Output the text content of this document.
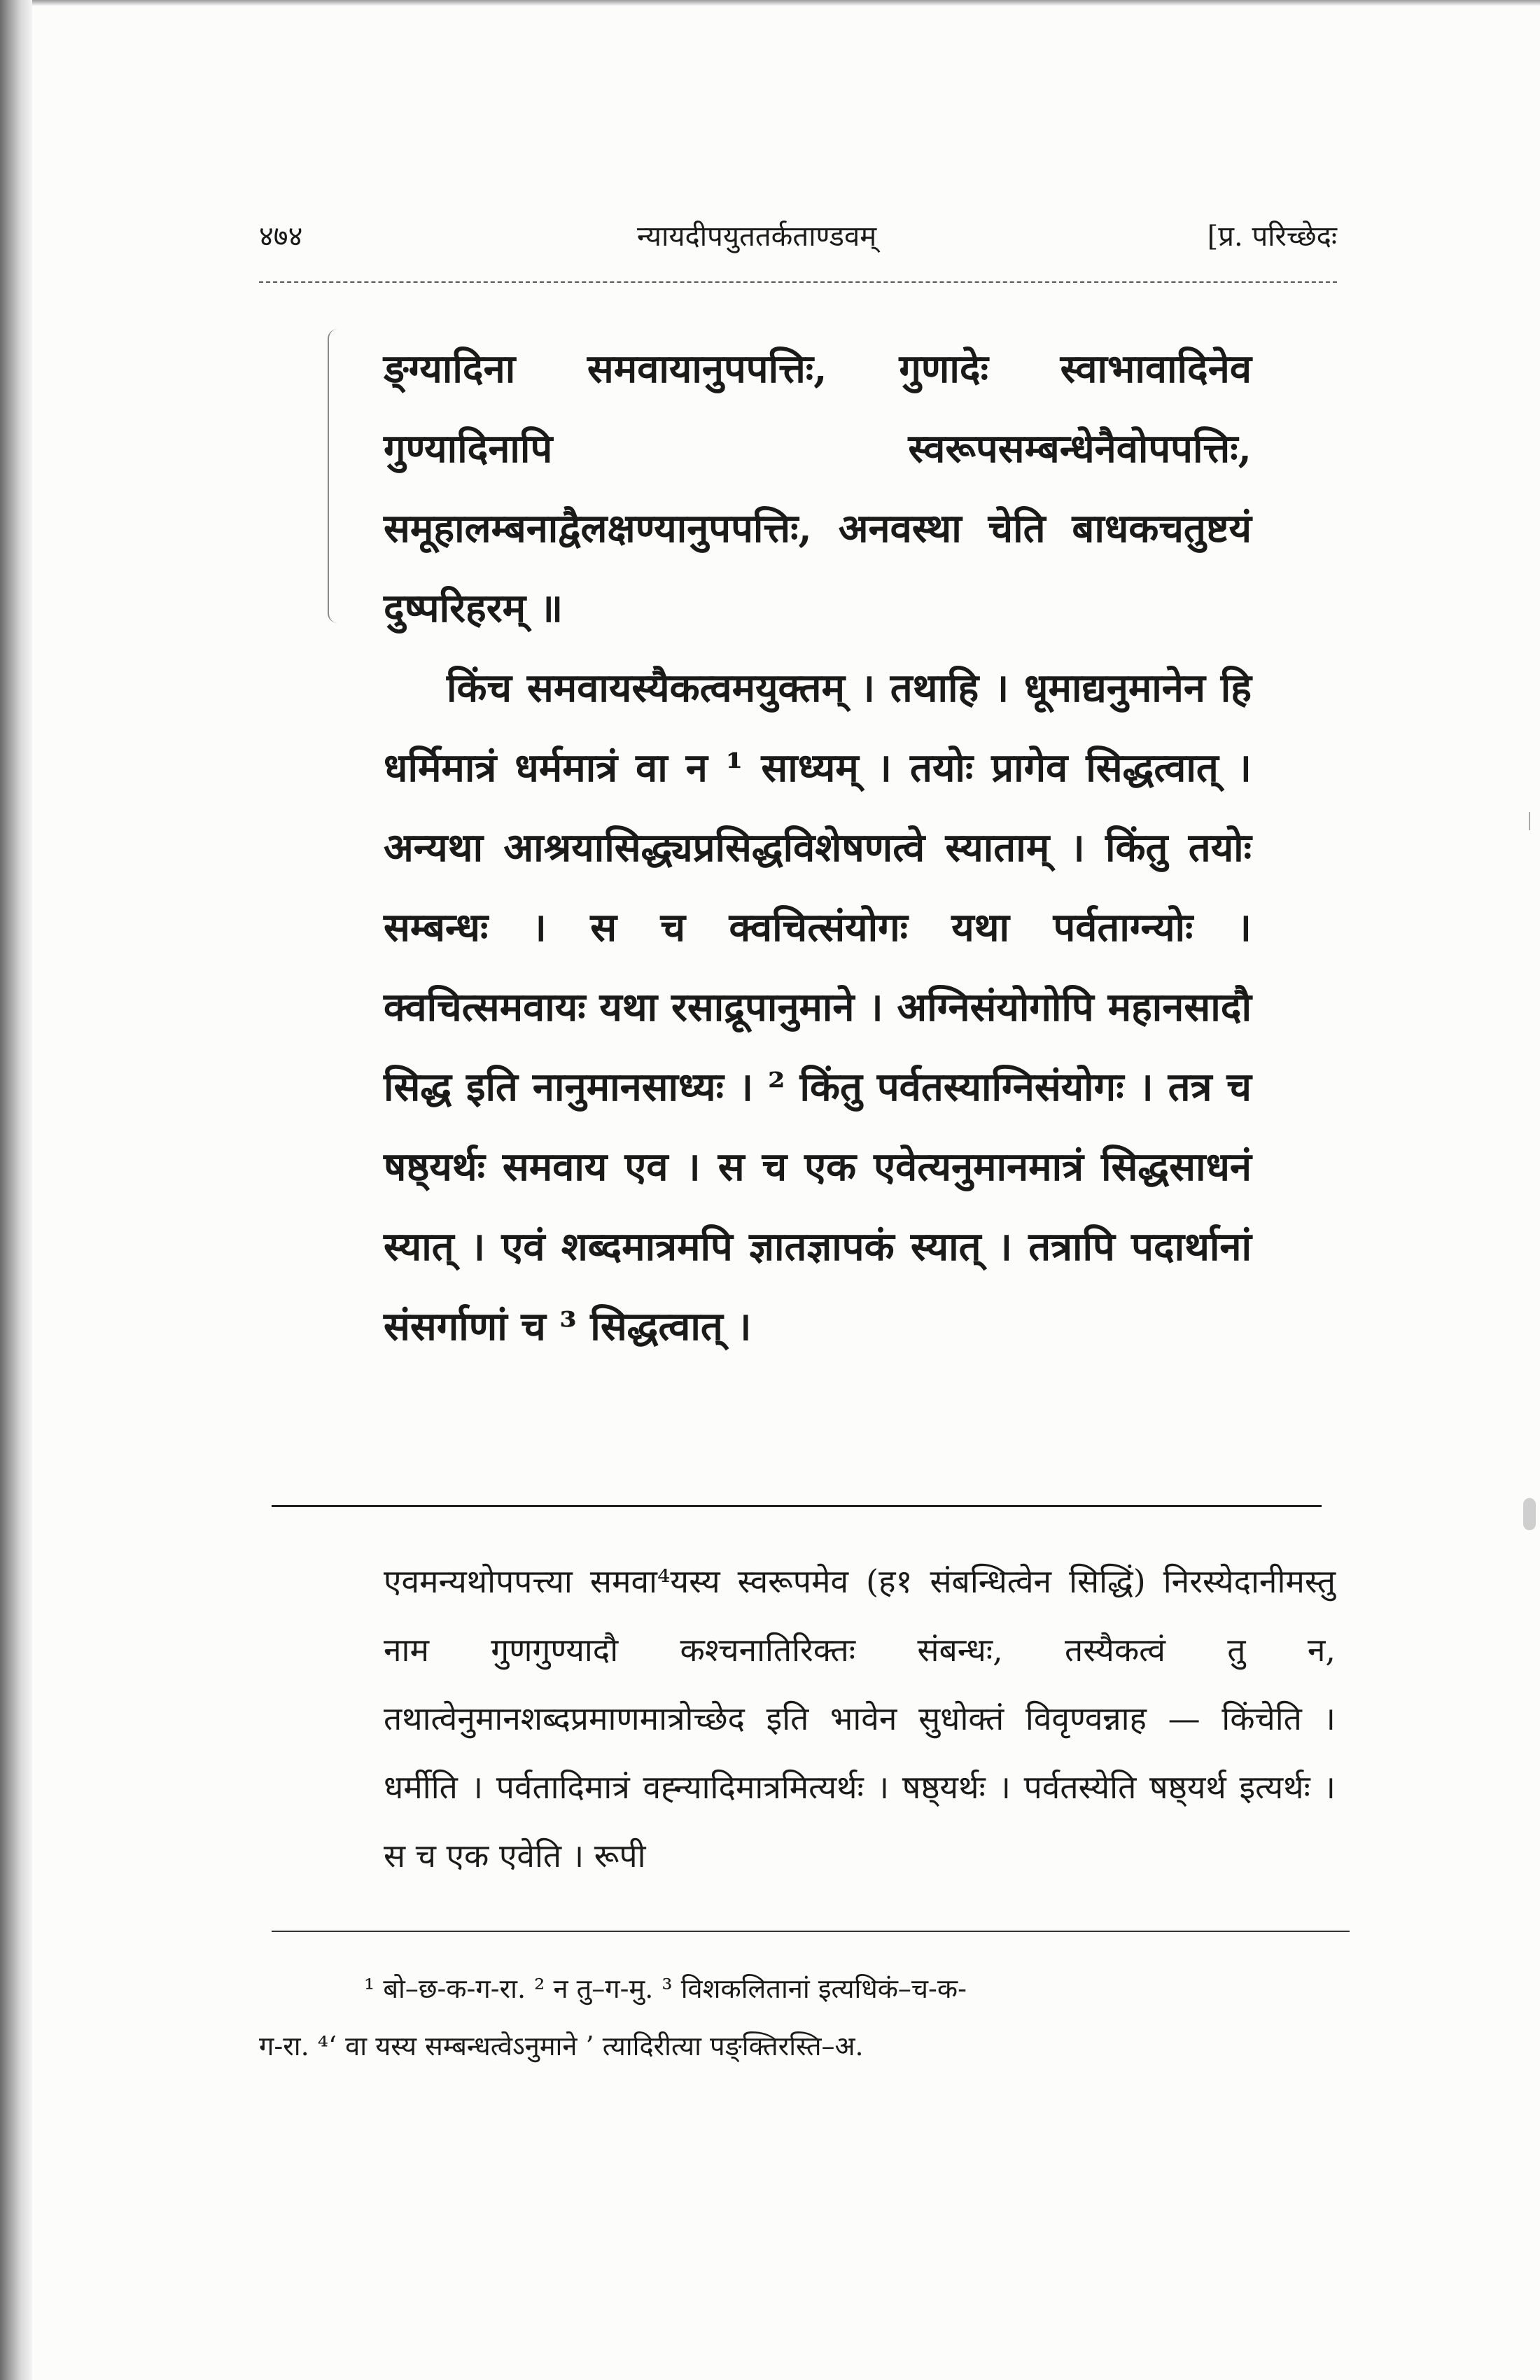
४७४	न्यायदीपयुततर्कताण्डवम्	[प्र. परिच्छेदः

ङ्ग्यादिना समवायानुपपत्तिः, गुणादेः स्वाभावादिनेव गुण्यादिनापि स्वरूपसम्बन्धेनैवोपपत्तिः, समूहालम्बनाद्वैलक्षण्यानुपपत्तिः, अनवस्था चेति बाधकचतुष्टयं दुष्परिहरम् ॥

किंच समवायस्यैकत्वमयुक्तम् । तथाहि । धूमाद्यनुमानेन हि धर्मिमात्रं धर्ममात्रं वा न ¹ साध्यम् । तयोः प्रागेव सिद्धत्वात् । अन्यथा आश्रयासिद्ध्यप्रसिद्धविशेषणत्वे स्याताम् । किंतु तयोः सम्बन्धः । स च क्वचित्संयोगः यथा पर्वताग्न्योः । क्वचित्समवायः यथा रसाद्रूपानुमाने । अग्निसंयोगोपि महानसादौ सिद्ध इति नानुमानसाध्यः । ² किंतु पर्वतस्याग्निसंयोगः । तत्र च षष्ठ्यर्थः समवाय एव । स च एक एवेत्यनुमानमात्रं सिद्धसाधनं स्यात् । एवं शब्दमात्रमपि ज्ञातज्ञापकं स्यात् । तत्रापि पदार्थानां संसर्गाणां च ³ सिद्धत्वात् ।

एवमन्यथोपपत्त्या समवा⁴यस्य स्वरूपमेव (ह१ संबन्धित्वेन सिद्धिं) निरस्येदानीमस्तु नाम गुणगुण्यादौ कश्चनातिरिक्तः संबन्धः, तस्यैकत्वं तु न, तथात्वेनुमानशब्दप्रमाणमात्रोच्छेद इति भावेन सुधोक्तं विवृण्वन्नाह — किंचेति । धर्मीति । पर्वतादिमात्रं वह्न्यादिमात्रमित्यर्थः । षष्ठ्यर्थः । पर्वतस्येति षष्ठ्यर्थ इत्यर्थः । स च एक एवेति । रूपी

¹ बो–छ-क-ग-रा. ² न तु–ग-मु. ³ विशकलितानां इत्यधिकं–च-क-

ग-रा. ⁴‘ वा यस्य सम्बन्धत्वेऽनुमाने ’ त्यादिरीत्या पङ्क्तिरस्ति–अ.
